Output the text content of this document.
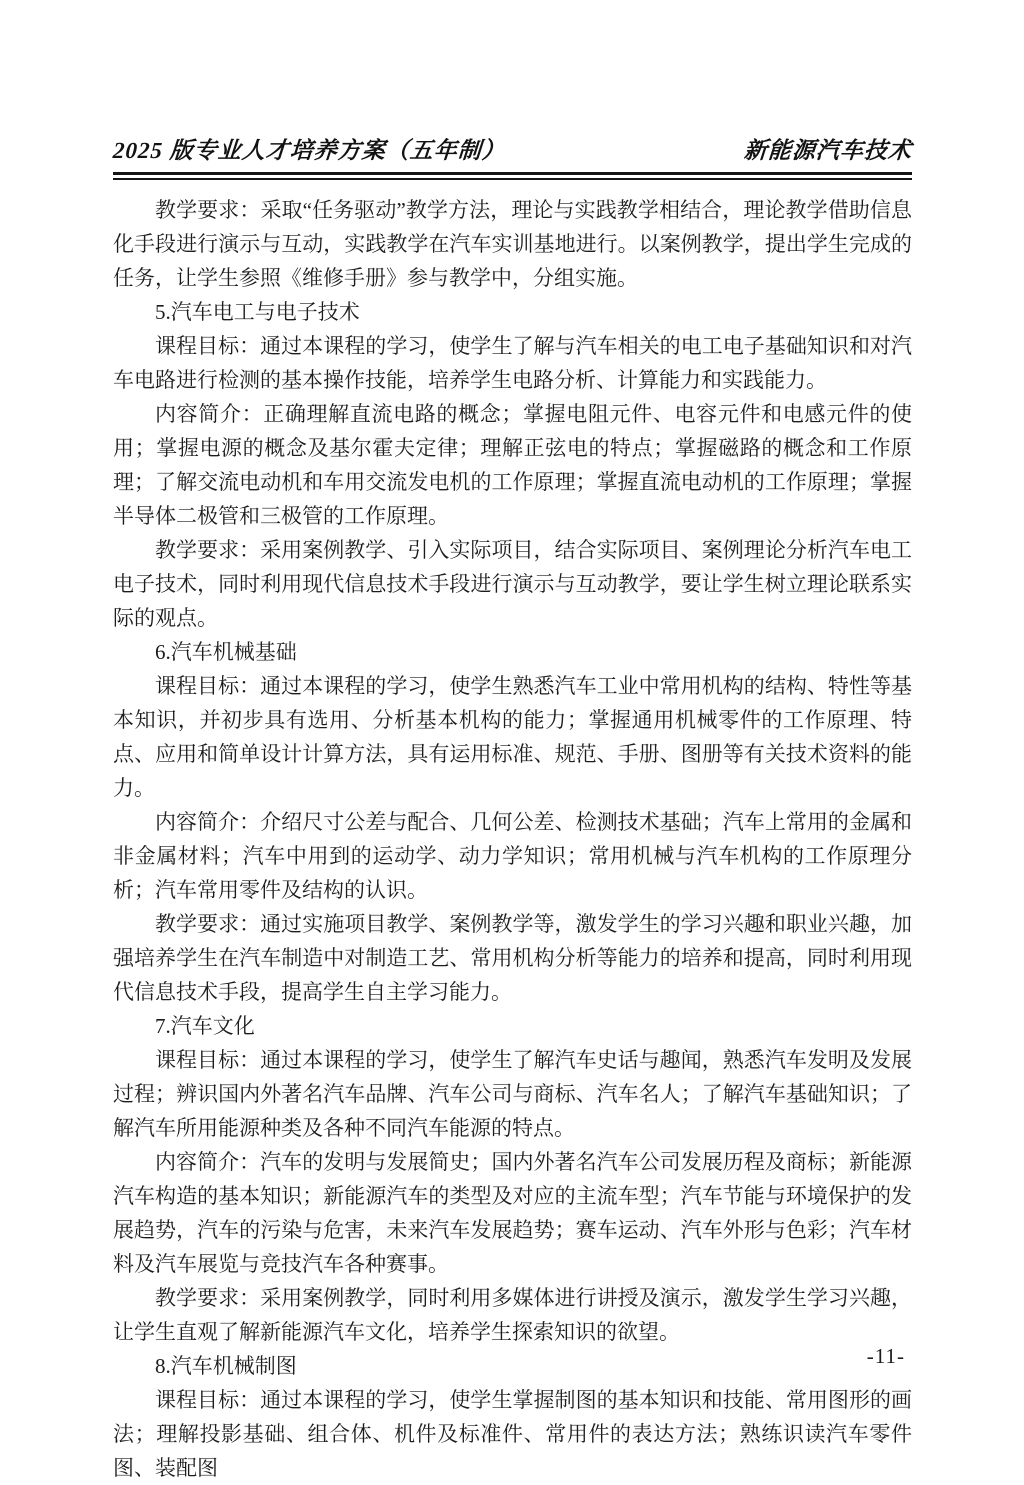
2025 版专业人才培养方案（五年制）	新能源汽车技术

教学要求：采取“任务驱动”教学方法，理论与实践教学相结合，理论教学借助信息化手段进行演示与互动，实践教学在汽车实训基地进行。以案例教学，提出学生完成的任务，让学生参照《维修手册》参与教学中，分组实施。

5.汽车电工与电子技术

课程目标：通过本课程的学习，使学生了解与汽车相关的电工电子基础知识和对汽车电路进行检测的基本操作技能，培养学生电路分析、计算能力和实践能力。

内容简介：正确理解直流电路的概念；掌握电阻元件、电容元件和电感元件的使用；掌握电源的概念及基尔霍夫定律；理解正弦电的特点；掌握磁路的概念和工作原理；了解交流电动机和车用交流发电机的工作原理；掌握直流电动机的工作原理；掌握半导体二极管和三极管的工作原理。

教学要求：采用案例教学、引入实际项目，结合实际项目、案例理论分析汽车电工电子技术，同时利用现代信息技术手段进行演示与互动教学，要让学生树立理论联系实际的观点。

6.汽车机械基础

课程目标：通过本课程的学习，使学生熟悉汽车工业中常用机构的结构、特性等基本知识，并初步具有选用、分析基本机构的能力；掌握通用机械零件的工作原理、特点、应用和简单设计计算方法，具有运用标准、规范、手册、图册等有关技术资料的能力。

内容简介：介绍尺寸公差与配合、几何公差、检测技术基础；汽车上常用的金属和非金属材料；汽车中用到的运动学、动力学知识；常用机械与汽车机构的工作原理分析；汽车常用零件及结构的认识。

教学要求：通过实施项目教学、案例教学等，激发学生的学习兴趣和职业兴趣，加强培养学生在汽车制造中对制造工艺、常用机构分析等能力的培养和提高，同时利用现代信息技术手段，提高学生自主学习能力。

7.汽车文化

课程目标：通过本课程的学习，使学生了解汽车史话与趣闻，熟悉汽车发明及发展过程；辨识国内外著名汽车品牌、汽车公司与商标、汽车名人；了解汽车基础知识；了解汽车所用能源种类及各种不同汽车能源的特点。

内容简介：汽车的发明与发展简史；国内外著名汽车公司发展历程及商标；新能源汽车构造的基本知识；新能源汽车的类型及对应的主流车型；汽车节能与环境保护的发展趋势，汽车的污染与危害，未来汽车发展趋势；赛车运动、汽车外形与色彩；汽车材料及汽车展览与竞技汽车各种赛事。

教学要求：采用案例教学，同时利用多媒体进行讲授及演示，激发学生学习兴趣，让学生直观了解新能源汽车文化，培养学生探索知识的欲望。

8.汽车机械制图

课程目标：通过本课程的学习，使学生掌握制图的基本知识和技能、常用图形的画法；理解投影基础、组合体、机件及标准件、常用件的表达方法；熟练识读汽车零件图、装配图

-11-
